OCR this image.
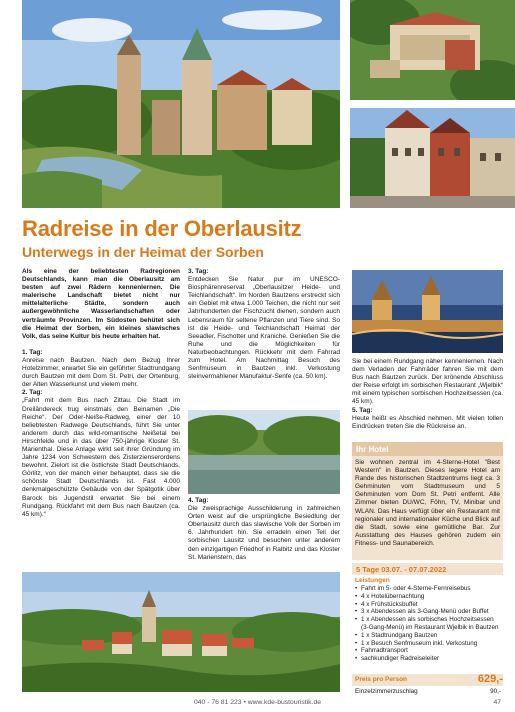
Radreise in der Oberlausitz
Unterwegs in der Heimat der Sorben

Als eine der beliebtesten Radregionen Deutschlands, kann man die Oberlausitz am besten auf zwei Rädern kennenlernen. Die malerische Landschaft bietet nicht nur mittelalterliche Städte, sondern auch außergewöhnliche Wasserlandschaften oder verträumte Provinzen. Im Südosten behütet sich die Heimat der Sorben, ein kleines slawisches Volk, das seine Kultur bis heute erhalten hat.

1. Tag:

Anreise nach Bautzen. Nach dem Bezug Ihrer Hotelzimmer, erwartet Sie ein geführter Stadtrundgang durch Bautzen mit dem Dom St. Petri, der Ortenburg, der Alten Wasserkunst und vielem mehr.

2. Tag:

„Fahrt mit dem Bus nach Zittau. Die Stadt im Dreiländereck trug einstmals den Beinamen „Die Reiche“. Der Oder-Neiße-Radweg, einer der 10 beliebtesten Radwege Deutschlands, führt Sie unter anderem durch das wild-romantische Neißetal bei Hirschfelde und in das über 750-jährige Kloster St. Marienthal. Diese Anlage wirkt seit ihrer Gründung im Jahre 1234 von Schwestern des Zisterzienserordens bewohnt. Zielort ist die östlichste Stadt Deutschlands, Görlitz, von der manch einer behauptet, dass sie die schönste Stadt Deutschlands ist. Fast 4.000 denkmalgeschützte Gebäude von der Spätgotik über Barock bis Jugendstil erwartet Sie bei einem Rundgang. Rückfahrt mit dem Bus nach Bautzen (ca. 45 km).“

3. Tag:

Entdecken Sie Natur pur im UNESCO-Biosphärenreservat „Oberlausitzer Heide- und Teichlandschaft“. Im Norden Bautzens erstreckt sich ein Gebiet mit etwa 1.000 Teichen, die nicht nur seit Jahrhunderten der Fischzucht dienen, sondern auch Lebensraum für seltene Pflanzen und Tiere sind. So ist die Heide- und Teichlandschaft Heimat der Seeadler, Fischotter und Kraniche. Genießen Sie die Ruhe und die Möglichkeiten für Naturbeobachtungen. Rückkehr mit dem Fahrrad zum Hotel. Am Nachmittag Besuch des Senfmuseum in Bautzen inkl. Verkostung steinvermahlener Manufaktur-Senfe (ca. 50 km).

4. Tag:

Die zweisprachige Ausschilderung in zahlreichen Orten weist auf die ursprüngliche Besiedlung der Oberlausitz durch das slawische Volk der Sorben im 6. Jahrhundert hin. Sie erradeln einen Teil der sorbischen Lausitz und besuchen unter anderem den einzigartigen Friedhof in Ralbitz und das Kloster St. Marienstern, das

Sie bei einem Rundgang näher kennenlernen. Nach dem Verladen der Fahrräder fahren Sie mit dem Bus nach Bautzen zurück. Der krönende Abschluss der Reise erfolgt im sorbischen Restaurant „Wjelbik“ mit einem typischen sorbischen Hochzeitsessen (ca. 45 km).

5. Tag:

Heute heißt es Abschied nehmen. Mit vielen tollen Eindrücken treten Sie die Rückreise an.

Ihr Hotel
Sie wohnen zentral im 4-Sterne-Hotel "Best Western" in Bautzen. Dieses legere Hotel am Rande des historischen Stadtzentrums liegt ca. 3 Gehminuten vom Stadtmuseum und 5 Gehminuten vom Dom St. Petri entfernt. Alle Zimmer bieten DU/WC, Föhn, TV, Minibar und WLAN. Das Haus verfügt über ein Restaurant mit regionaler und internationaler Küche und Blick auf die Stadt, sowie eine gemütliche Bar. Zur Ausstattung des Hauses gehören zudem ein Fitness- und Saunabereich.
5 Tage 03.07. - 07.07.2022
Leistungen
• Fahrt im 5- oder 4-Sterne-Fernreisebus
• 4 x Hotelübernachtung
• 4 x Frühstücksbuffet
• 3 x Abendessen als 3-Gang-Menü oder Buffet
• 1 x Abendessen als sorbisches Hochzeitsessen (3-Gang-Menü) im Restaurant Wjelbik in Bautzen
• 1 x Stadtrundgang Bautzen
• 1 x Besuch Senfmuseum inkl. Verkostung
• Fahrradtransport
• sachkundiger Radreiseleiter
Preis pro Person	629,-
Einzelzimmerzuschlag	90,-
040 - 76 81 223 • www.kde-bustouristik.de	47
